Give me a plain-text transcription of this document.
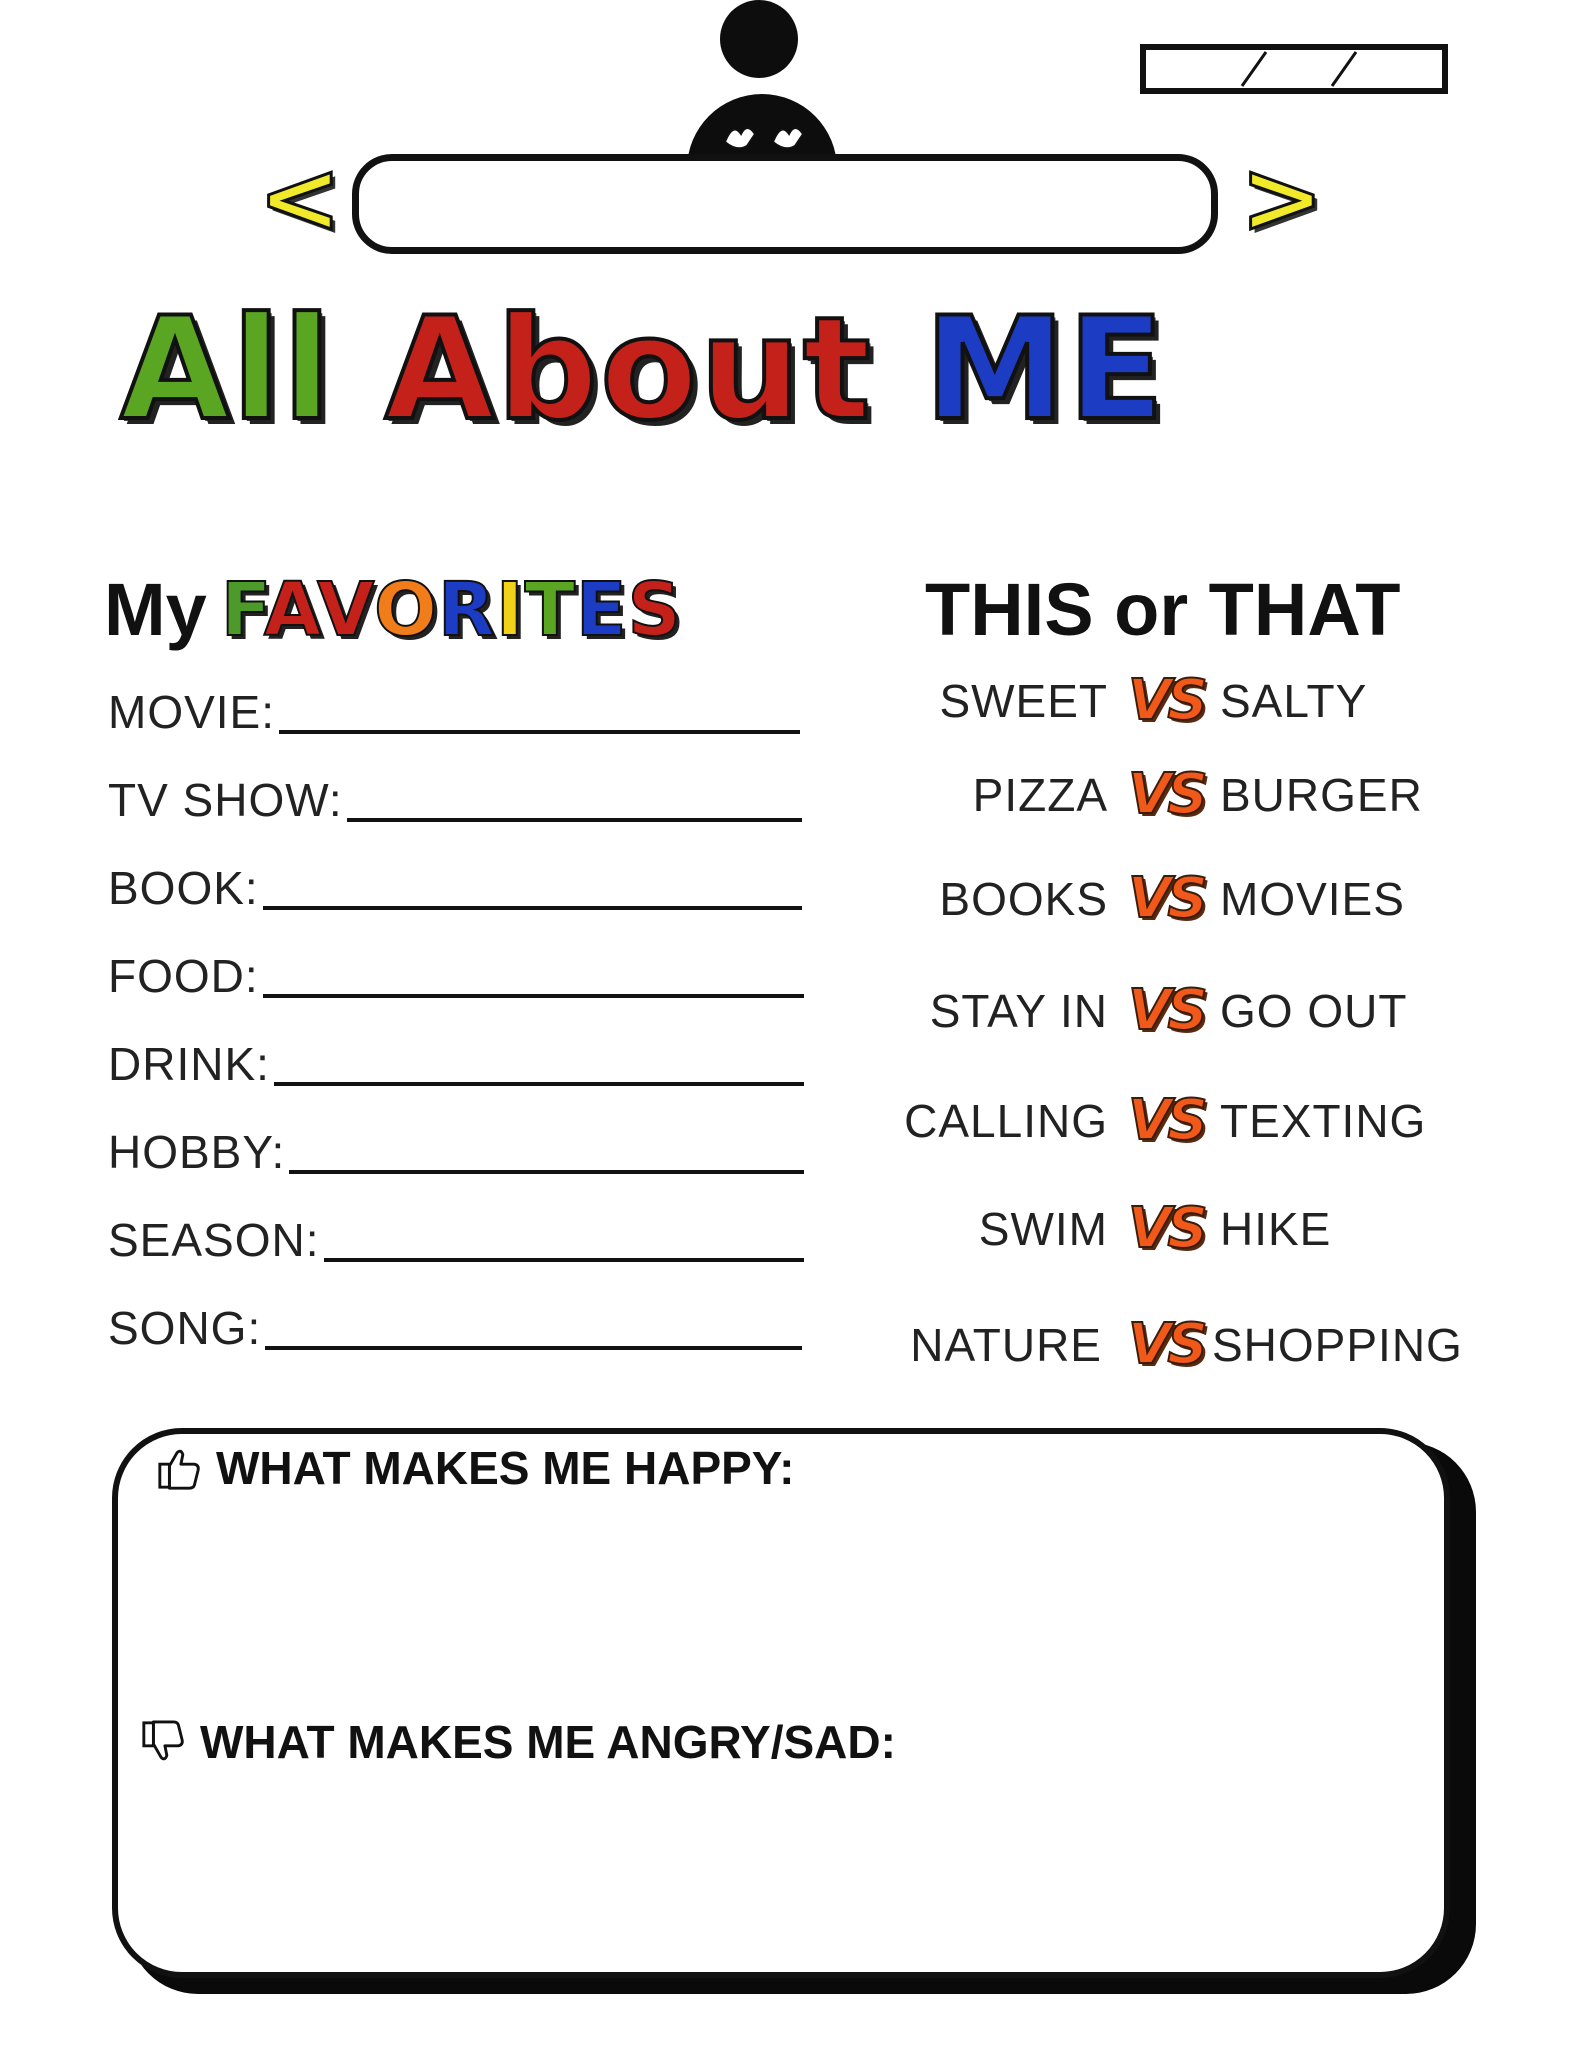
<	>
All About ME
My FAVORITES	THIS or THAT
MOVIE:
TV SHOW:
BOOK:
FOOD:
DRINK:
HOBBY:
SEASON:
SONG:
SWEET VS SALTY
PIZZA VS BURGER
BOOKS VS MOVIES
STAY IN VS GO OUT
CALLING VS TEXTING
SWIM VS HIKE
NATURE VS SHOPPING
WHAT MAKES ME HAPPY:
WHAT MAKES ME ANGRY/SAD:
